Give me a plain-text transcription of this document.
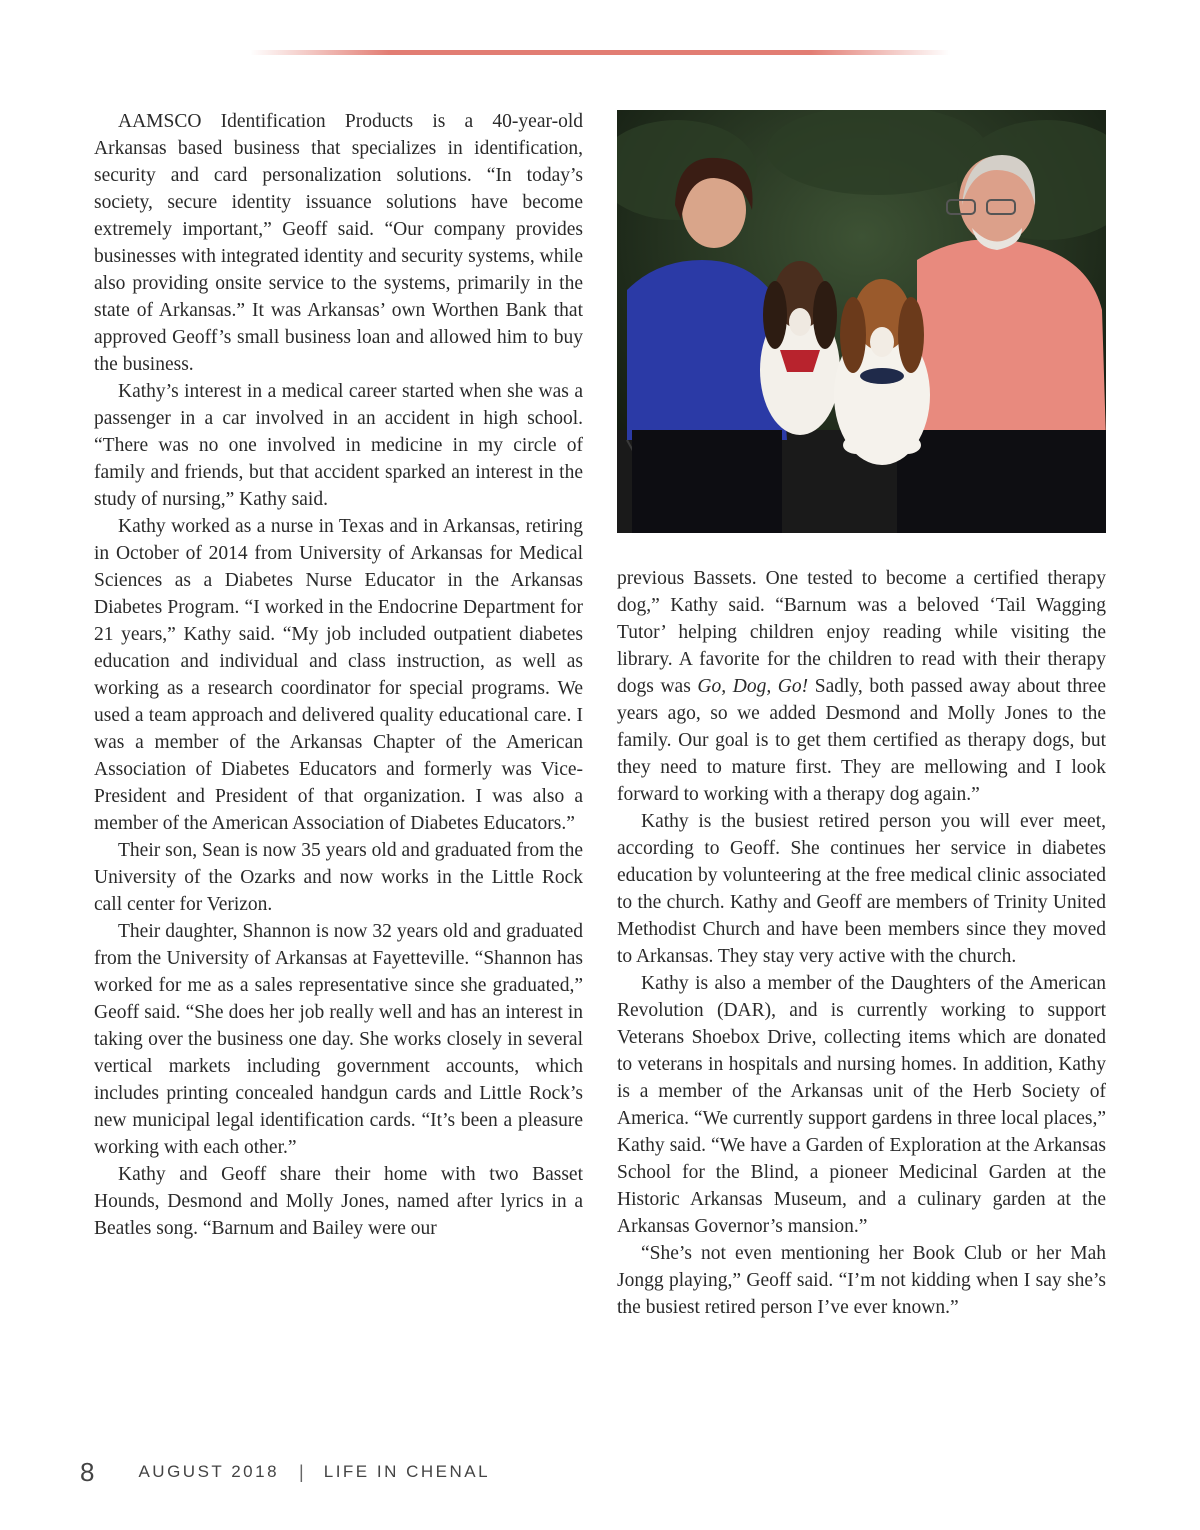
AAMSCO Identification Products is a 40-year-old Arkansas based business that specializes in identification, security and card personalization solutions. “In today’s society, secure identity issuance solutions have become extremely important,” Geoff said. “Our company provides businesses with integrated identity and security systems, while also providing onsite service to the systems, primarily in the state of Arkansas.” It was Arkansas’ own Worthen Bank that approved Geoff’s small business loan and allowed him to buy the business.

Kathy’s interest in a medical career started when she was a passenger in a car involved in an accident in high school. “There was no one involved in medicine in my circle of family and friends, but that accident sparked an interest in the study of nursing,” Kathy said.

Kathy worked as a nurse in Texas and in Arkansas, retiring in October of 2014 from University of Arkansas for Medical Sciences as a Diabetes Nurse Educator in the Arkansas Diabetes Program. “I worked in the Endocrine Department for 21 years,” Kathy said. “My job included outpatient diabetes education and individual and class instruction, as well as working as a research coordinator for special programs. We used a team approach and delivered quality educational care. I was a member of the Arkansas Chapter of the American Association of Diabetes Educators and formerly was Vice-President and President of that organization. I was also a member of the American Association of Diabetes Educators.”

Their son, Sean is now 35 years old and graduated from the University of the Ozarks and now works in the Little Rock call center for Verizon.

Their daughter, Shannon is now 32 years old and graduated from the University of Arkansas at Fayetteville. “Shannon has worked for me as a sales representative since she graduated,” Geoff said. “She does her job really well and has an interest in taking over the business one day. She works closely in several vertical markets including government accounts, which includes printing concealed handgun cards and Little Rock’s new municipal legal identification cards. “It’s been a pleasure working with each other.”

Kathy and Geoff share their home with two Basset Hounds, Desmond and Molly Jones, named after lyrics in a Beatles song. “Barnum and Bailey were our

previous Bassets. One tested to become a certified therapy dog,” Kathy said. “Barnum was a beloved ‘Tail Wagging Tutor’ helping children enjoy reading while visiting the library. A favorite for the children to read with their therapy dogs was Go, Dog, Go! Sadly, both passed away about three years ago, so we added Desmond and Molly Jones to the family. Our goal is to get them certified as therapy dogs, but they need to mature first. They are mellowing and I look forward to working with a therapy dog again.”

Kathy is the busiest retired person you will ever meet, according to Geoff. She continues her service in diabetes education by volunteering at the free medical clinic associated to the church. Kathy and Geoff are members of Trinity United Methodist Church and have been members since they moved to Arkansas. They stay very active with the church.

Kathy is also a member of the Daughters of the American Revolution (DAR), and is currently working to support Veterans Shoebox Drive, collecting items which are donated to veterans in hospitals and nursing homes. In addition, Kathy is a member of the Arkansas unit of the Herb Society of America. “We currently support gardens in three local places,” Kathy said. “We have a Garden of Exploration at the Arkansas School for the Blind, a pioneer Medicinal Garden at the Historic Arkansas Museum, and a culinary garden at the Arkansas Governor’s mansion.”

“She’s not even mentioning her Book Club or her Mah Jongg playing,” Geoff said. “I’m not kidding when I say she’s the busiest retired person I’ve ever known.”

8	AUGUST 2018 | LIFE IN CHENAL
